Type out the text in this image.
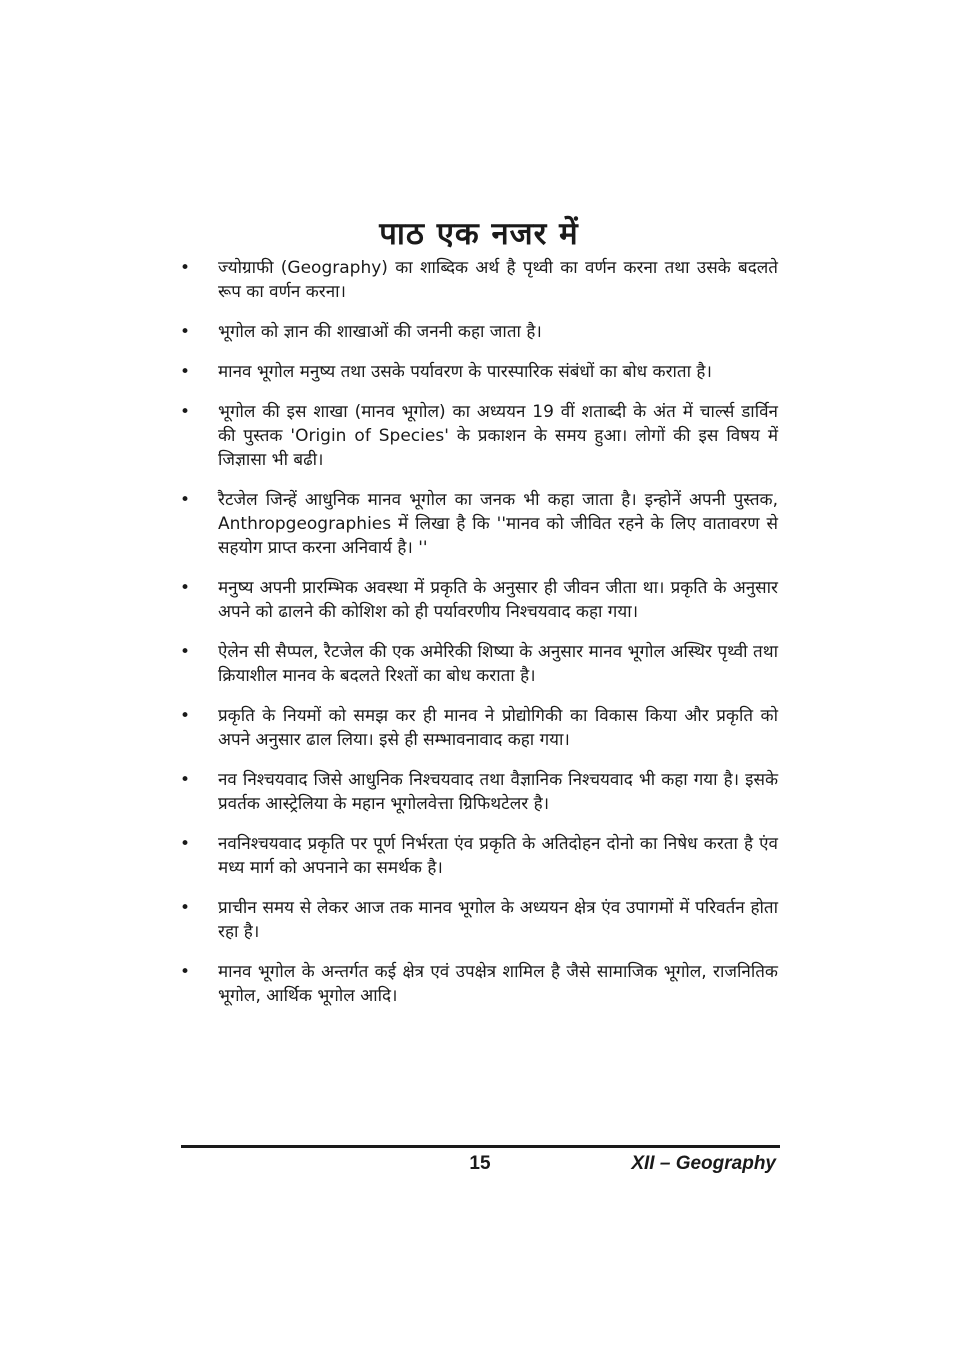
पाठ एक नजर में
• ज्योग्राफी (Geography) का शाब्दिक अर्थ है पृथ्वी का वर्णन करना तथा उसके बदलते रूप का वर्णन करना।
• भूगोल को ज्ञान की शाखाओं की जननी कहा जाता है।
• मानव भूगोल मनुष्य तथा उसके पर्यावरण के पारस्पारिक संबंधों का बोध कराता है।
• भूगोल की इस शाखा (मानव भूगोल) का अध्ययन 19 वीं शताब्दी के अंत में चार्ल्स डार्विन की पुस्तक 'Origin of Species' के प्रकाशन के समय हुआ। लोगों की इस विषय में जिज्ञासा भी बढी।
• रैटजेल जिन्हें आधुनिक मानव भूगोल का जनक भी कहा जाता है। इन्होनें अपनी पुस्तक, Anthropgeographies में लिखा है कि ''मानव को जीवित रहने के लिए वातावरण से सहयोग प्राप्त करना अनिवार्य है। ''
• मनुष्य अपनी प्रारम्भिक अवस्था में प्रकृति के अनुसार ही जीवन जीता था। प्रकृति के अनुसार अपने को ढालने की कोशिश को ही पर्यावरणीय निश्चयवाद कहा गया।
• ऐलेन सी सैप्पल, रैटजेल की एक अमेरिकी शिष्या के अनुसार मानव भूगोल अस्थिर पृथ्वी तथा क्रियाशील मानव के बदलते रिश्तों का बोध कराता है।
• प्रकृति के नियमों को समझ कर ही मानव ने प्रोद्योगिकी का विकास किया और प्रकृति को अपने अनुसार ढाल लिया। इसे ही सम्भावनावाद कहा गया।
• नव निश्चयवाद जिसे आधुनिक निश्चयवाद तथा वैज्ञानिक निश्चयवाद भी कहा गया है। इसके प्रवर्तक आस्ट्रेलिया के महान भूगोलवेत्ता ग्रिफिथटेलर है।
• नवनिश्चयवाद प्रकृति पर पूर्ण निर्भरता एंव प्रकृति के अतिदोहन दोनो का निषेध करता है एंव मध्य मार्ग को अपनाने का समर्थक है।
• प्राचीन समय से लेकर आज तक मानव भूगोल के अध्ययन क्षेत्र एंव उपागमों में परिवर्तन होता रहा है।
• मानव भूगोल के अन्तर्गत कई क्षेत्र एवं उपक्षेत्र शामिल है जैसे सामाजिक भूगोल, राजनितिक भूगोल, आर्थिक भूगोल आदि।
15	XII – Geography
